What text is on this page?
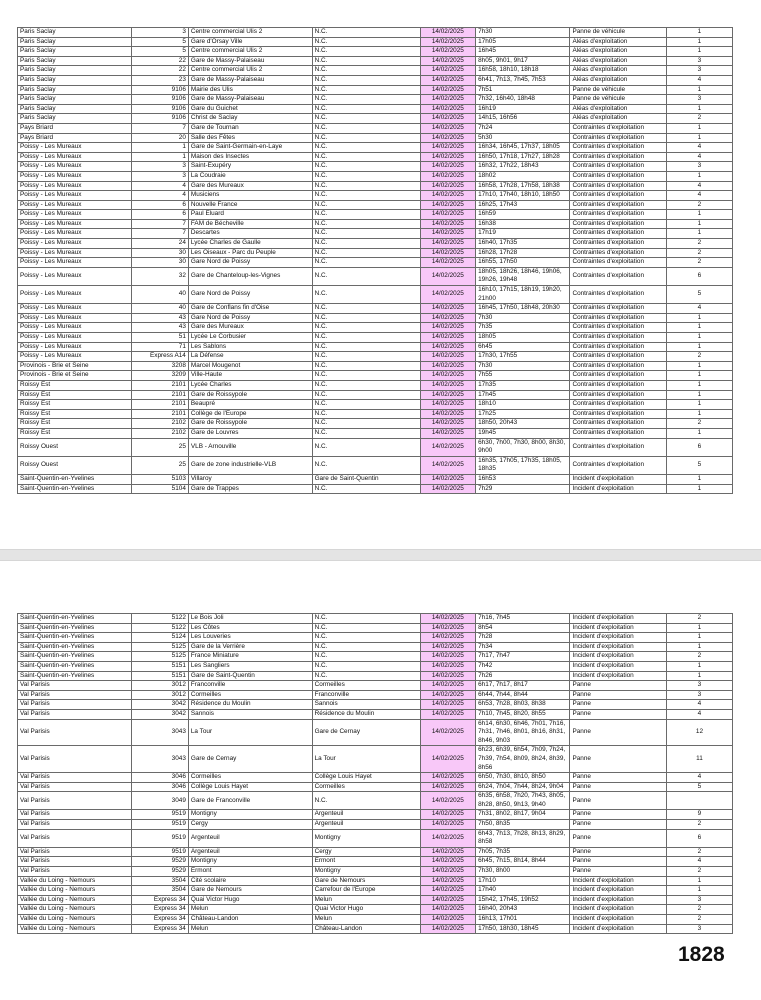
Paris Saclay	3	Centre commercial Ulis 2	N.C.	14/02/2025	7h30	Panne de véhicule	1
Paris Saclay	5	Gare d'Orsay Ville	N.C.	14/02/2025	17h05	Aléas d'exploitation	1
Paris Saclay	5	Centre commercial Ulis 2	N.C.	14/02/2025	16h45	Aléas d'exploitation	1
Paris Saclay	22	Gare de Massy-Palaiseau	N.C.	14/02/2025	8h05, 9h01, 9h17	Aléas d'exploitation	3
Paris Saclay	22	Centre commercial Ulis 2	N.C.	14/02/2025	16h58, 18h10, 18h18	Aléas d'exploitation	3
Paris Saclay	23	Gare de Massy-Palaiseau	N.C.	14/02/2025	6h41, 7h13, 7h45, 7h53	Aléas d'exploitation	4
Paris Saclay	9106	Mairie des Ulis	N.C.	14/02/2025	7h51	Panne de véhicule	1
Paris Saclay	9106	Gare de Massy-Palaiseau	N.C.	14/02/2025	7h32, 16h40, 18h48	Panne de véhicule	3
Paris Saclay	9106	Gare du Guichet	N.C.	14/02/2025	16h19	Aléas d'exploitation	1
Paris Saclay	9106	Christ de Saclay	N.C.	14/02/2025	14h15, 16h56	Aléas d'exploitation	2
Pays Briard	7	Gare de Tournan	N.C.	14/02/2025	7h24	Contraintes d'exploitation	1
Pays Briard	20	Salle des Fêtes	N.C.	14/02/2025	5h30	Contraintes d'exploitation	1
Poissy - Les Mureaux	1	Gare de Saint-Germain-en-Laye	N.C.	14/02/2025	16h34, 16h45, 17h37, 18h05	Contraintes d'exploitation	4
Poissy - Les Mureaux	1	Maison des Insectes	N.C.	14/02/2025	16h50, 17h18, 17h27, 18h28	Contraintes d'exploitation	4
Poissy - Les Mureaux	3	Saint-Exupéry	N.C.	14/02/2025	16h32, 17h22, 18h43	Contraintes d'exploitation	3
Poissy - Les Mureaux	3	La Coudraie	N.C.	14/02/2025	18h02	Contraintes d'exploitation	1
Poissy - Les Mureaux	4	Gare des Mureaux	N.C.	14/02/2025	16h58, 17h28, 17h58, 18h38	Contraintes d'exploitation	4
Poissy - Les Mureaux	4	Musiciens	N.C.	14/02/2025	17h10, 17h40, 18h10, 18h50	Contraintes d'exploitation	4
Poissy - Les Mureaux	6	Nouvelle France	N.C.	14/02/2025	16h25, 17h43	Contraintes d'exploitation	2
Poissy - Les Mureaux	6	Paul Eluard	N.C.	14/02/2025	16h59	Contraintes d'exploitation	1
Poissy - Les Mureaux	7	FAM de Bécheville	N.C.	14/02/2025	16h38	Contraintes d'exploitation	1
Poissy - Les Mureaux	7	Descartes	N.C.	14/02/2025	17h19	Contraintes d'exploitation	1
Poissy - Les Mureaux	24	Lycée Charles de Gaulle	N.C.	14/02/2025	16h40, 17h35	Contraintes d'exploitation	2
Poissy - Les Mureaux	30	Les Oiseaux - Parc du Peuple	N.C.	14/02/2025	16h28, 17h28	Contraintes d'exploitation	2
Poissy - Les Mureaux	30	Gare Nord de Poissy	N.C.	14/02/2025	16h55, 17h50	Contraintes d'exploitation	2
Poissy - Les Mureaux	32	Gare de Chanteloup-les-Vignes	N.C.	14/02/2025	18h05, 18h26, 18h46, 19h06, 19h26, 19h48	Contraintes d'exploitation	6
Poissy - Les Mureaux	40	Gare Nord de Poissy	N.C.	14/02/2025	16h10, 17h15, 18h19, 19h20, 21h00	Contraintes d'exploitation	5
Poissy - Les Mureaux	40	Gare de Conflans fin d'Oise	N.C.	14/02/2025	16h45, 17h50, 18h48, 20h30	Contraintes d'exploitation	4
Poissy - Les Mureaux	43	Gare Nord de Poissy	N.C.	14/02/2025	7h30	Contraintes d'exploitation	1
Poissy - Les Mureaux	43	Gare des Mureaux	N.C.	14/02/2025	7h35	Contraintes d'exploitation	1
Poissy - Les Mureaux	51	Lycée Le Corbusier	N.C.	14/02/2025	18h05	Contraintes d'exploitation	1
Poissy - Les Mureaux	71	Les Sablons	N.C.	14/02/2025	6h45	Contraintes d'exploitation	1
Poissy - Les Mureaux	Express A14	La Défense	N.C.	14/02/2025	17h30, 17h55	Contraintes d'exploitation	2
Provinois - Brie et Seine	3208	Marcel Mougenot	N.C.	14/02/2025	7h30	Contraintes d'exploitation	1
Provinois - Brie et Seine	3209	Ville-Haute	N.C.	14/02/2025	7h55	Contraintes d'exploitation	1
Roissy Est	2101	Lycée Charles	N.C.	14/02/2025	17h35	Contraintes d'exploitation	1
Roissy Est	2101	Gare de Roissypole	N.C.	14/02/2025	17h45	Contraintes d'exploitation	1
Roissy Est	2101	Beaupré	N.C.	14/02/2025	18h10	Contraintes d'exploitation	1
Roissy Est	2101	Collège de l'Europe	N.C.	14/02/2025	17h25	Contraintes d'exploitation	1
Roissy Est	2102	Gare de Roissypole	N.C.	14/02/2025	18h50, 20h43	Contraintes d'exploitation	2
Roissy Est	2102	Gare de Louvres	N.C.	14/02/2025	19h45	Contraintes d'exploitation	1
Roissy Ouest	25	VLB - Arnouville	N.C.	14/02/2025	6h30, 7h00, 7h30, 8h00, 8h30, 9h00	Contraintes d'exploitation	6
Roissy Ouest	25	Gare de zone industrielle-VLB	N.C.	14/02/2025	16h35, 17h05, 17h35, 18h05, 18h35	Contraintes d'exploitation	5
Saint-Quentin-en-Yvelines	5103	Villaroy	Gare de Saint-Quentin	14/02/2025	16h53	Incident d'exploitation	1
Saint-Quentin-en-Yvelines	5104	Gare de Trappes	N.C.	14/02/2025	7h29	Incident d'exploitation	1
Saint-Quentin-en-Yvelines	5122	Le Bois Joli	N.C.	14/02/2025	7h16, 7h45	Incident d'exploitation	2
Saint-Quentin-en-Yvelines	5122	Les Côtes	N.C.	14/02/2025	8h54	Incident d'exploitation	1
Saint-Quentin-en-Yvelines	5124	Les Louveries	N.C.	14/02/2025	7h28	Incident d'exploitation	1
Saint-Quentin-en-Yvelines	5125	Gare de la Verrière	N.C.	14/02/2025	7h34	Incident d'exploitation	1
Saint-Quentin-en-Yvelines	5125	France Miniature	N.C.	14/02/2025	7h17, 7h47	Incident d'exploitation	2
Saint-Quentin-en-Yvelines	5151	Les Sangliers	N.C.	14/02/2025	7h42	Incident d'exploitation	1
Saint-Quentin-en-Yvelines	5151	Gare de Saint-Quentin	N.C.	14/02/2025	7h26	Incident d'exploitation	1
Val Parisis	3012	Franconville	Cormeilles	14/02/2025	6h17, 7h17, 8h17	Panne	3
Val Parisis	3012	Cormeilles	Franconville	14/02/2025	6h44, 7h44, 8h44	Panne	3
Val Parisis	3042	Résidence du Moulin	Sannois	14/02/2025	6h53, 7h28, 8h03, 8h38	Panne	4
Val Parisis	3042	Sannois	Résidence du Moulin	14/02/2025	7h10, 7h45, 8h20, 8h55	Panne	4
Val Parisis	3043	La Tour	Gare de Cernay	14/02/2025	6h14, 6h30, 6h46, 7h01, 7h16, 7h31, 7h46, 8h01, 8h16, 8h31, 8h46, 9h03	Panne	12
Val Parisis	3043	Gare de Cernay	La Tour	14/02/2025	6h23, 6h39, 6h54, 7h09, 7h24, 7h39, 7h54, 8h09, 8h24, 8h39, 8h56	Panne	11
Val Parisis	3046	Cormeilles	Collège Louis Hayet	14/02/2025	6h50, 7h30, 8h10, 8h50	Panne	4
Val Parisis	3046	Collège Louis Hayet	Cormeilles	14/02/2025	6h24, 7h04, 7h44, 8h24, 9h04	Panne	5
Val Parisis	3049	Gare de Franconville	N.C.	14/02/2025	6h35, 6h58, 7h20, 7h43, 8h05, 8h28, 8h50, 9h13, 9h40	Panne	
Val Parisis	9519	Montigny	Argenteuil	14/02/2025	7h31, 8h02, 8h17, 9h04	Panne	9
Val Parisis	9519	Cergy	Argenteuil	14/02/2025	7h50, 8h35	Panne	2
Val Parisis	9519	Argenteuil	Montigny	14/02/2025	6h43, 7h13, 7h28, 8h13, 8h29, 8h58	Panne	6
Val Parisis	9519	Argenteuil	Cergy	14/02/2025	7h05, 7h35	Panne	2
Val Parisis	9529	Montigny	Ermont	14/02/2025	6h45, 7h15, 8h14, 8h44	Panne	4
Val Parisis	9529	Ermont	Montigny	14/02/2025	7h30, 8h00	Panne	2
Vallée du Loing - Nemours	3504	Cité scolaire	Gare de Nemours	14/02/2025	17h10	Incident d'exploitation	1
Vallée du Loing - Nemours	3504	Gare de Nemours	Carrefour de l'Europe	14/02/2025	17h40	Incident d'exploitation	1
Vallée du Loing - Nemours	Express 34	Quai Victor Hugo	Melun	14/02/2025	15h42, 17h45, 19h52	Incident d'exploitation	3
Vallée du Loing - Nemours	Express 34	Melun	Quai Victor Hugo	14/02/2025	16h40, 20h43	Incident d'exploitation	2
Vallée du Loing - Nemours	Express 34	Château-Landon	Melun	14/02/2025	16h13, 17h01	Incident d'exploitation	2
Vallée du Loing - Nemours	Express 34	Melun	Château-Landon	14/02/2025	17h50, 18h30, 18h45	Incident d'exploitation	3
1828
